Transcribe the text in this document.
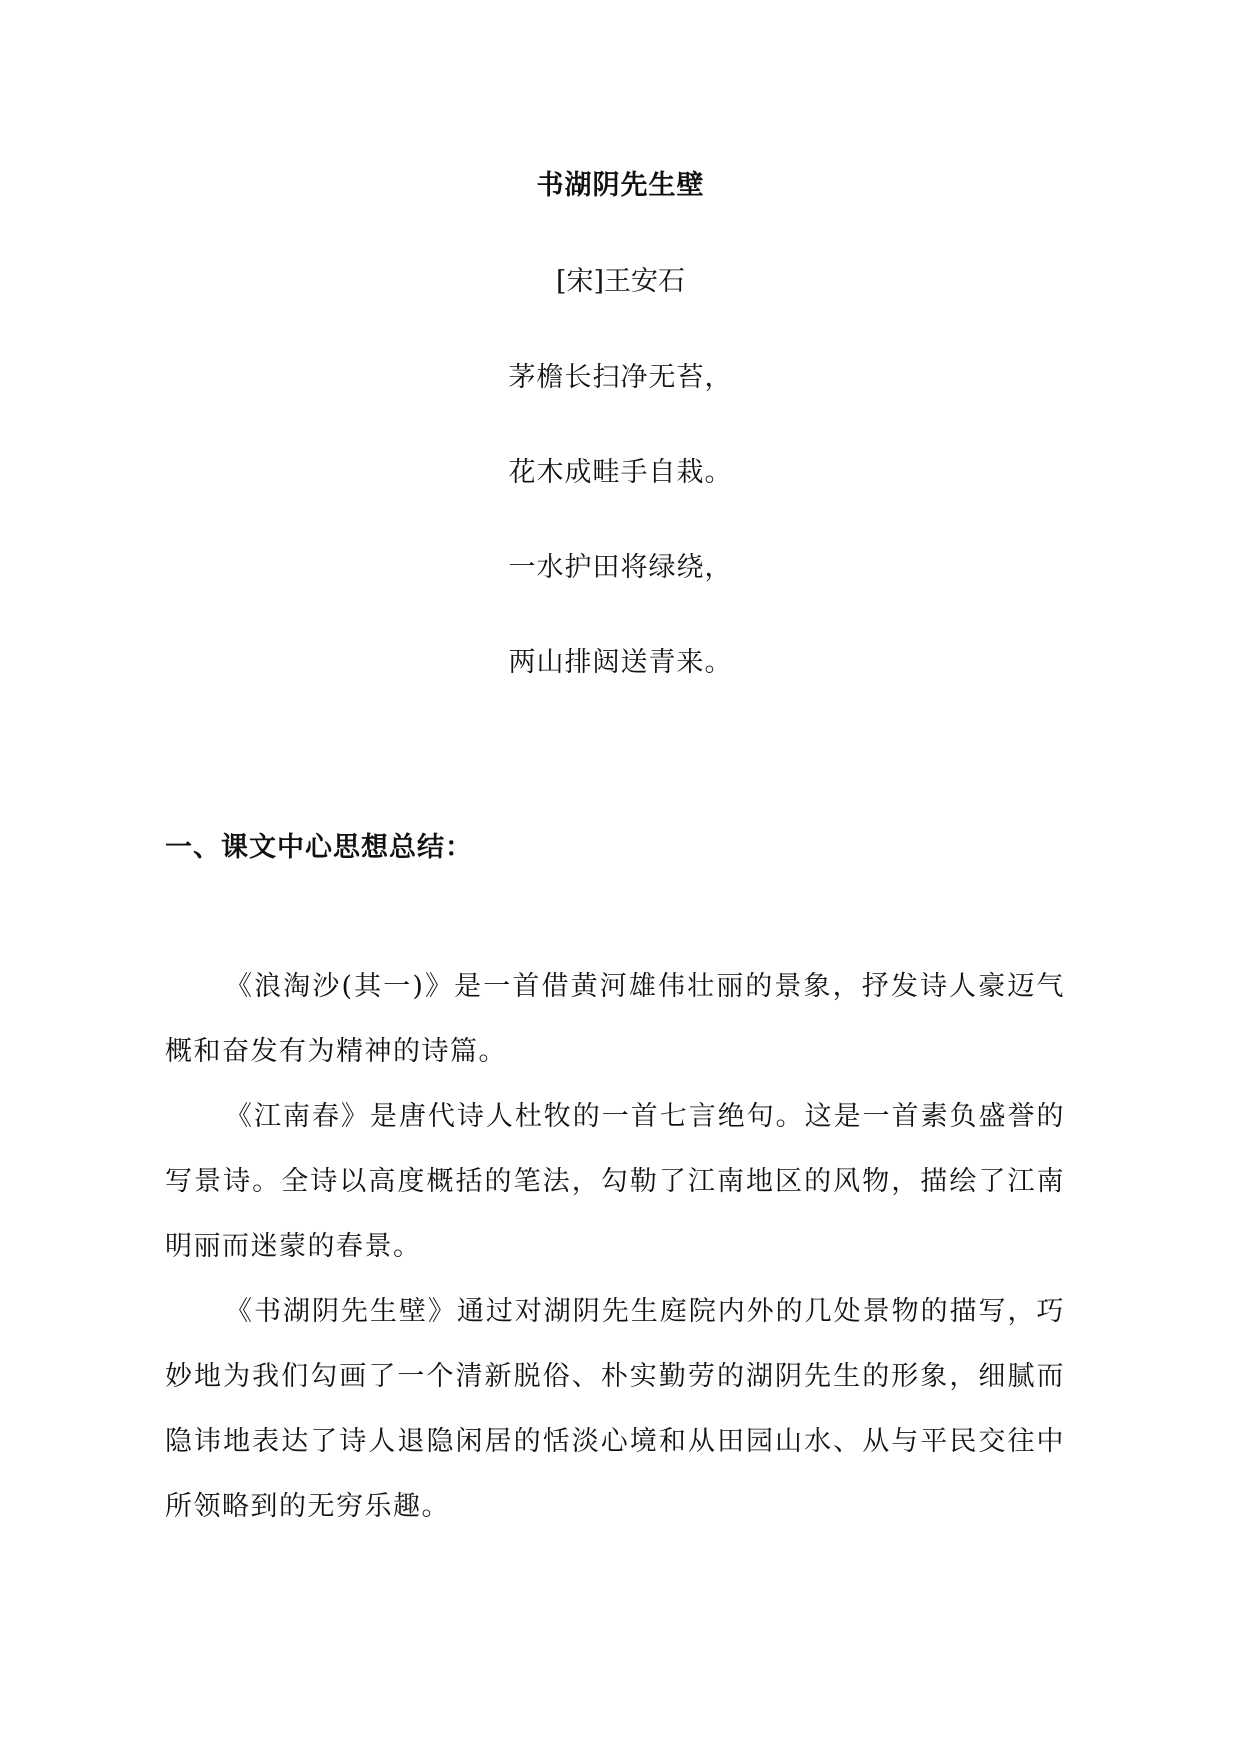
书湖阴先生壁
[宋]王安石
茅檐长扫净无苔，
花木成畦手自栽。
一水护田将绿绕，
两山排闼送青来。
一、课文中心思想总结：

《浪淘沙(其一)》是一首借黄河雄伟壮丽的景象，抒发诗人豪迈气概和奋发有为精神的诗篇。

《江南春》是唐代诗人杜牧的一首七言绝句。这是一首素负盛誉的写景诗。全诗以高度概括的笔法，勾勒了江南地区的风物，描绘了江南明丽而迷蒙的春景。

《书湖阴先生壁》通过对湖阴先生庭院内外的几处景物的描写，巧妙地为我们勾画了一个清新脱俗、朴实勤劳的湖阴先生的形象，细腻而隐讳地表达了诗人退隐闲居的恬淡心境和从田园山水、从与平民交往中所领略到的无穷乐趣。
